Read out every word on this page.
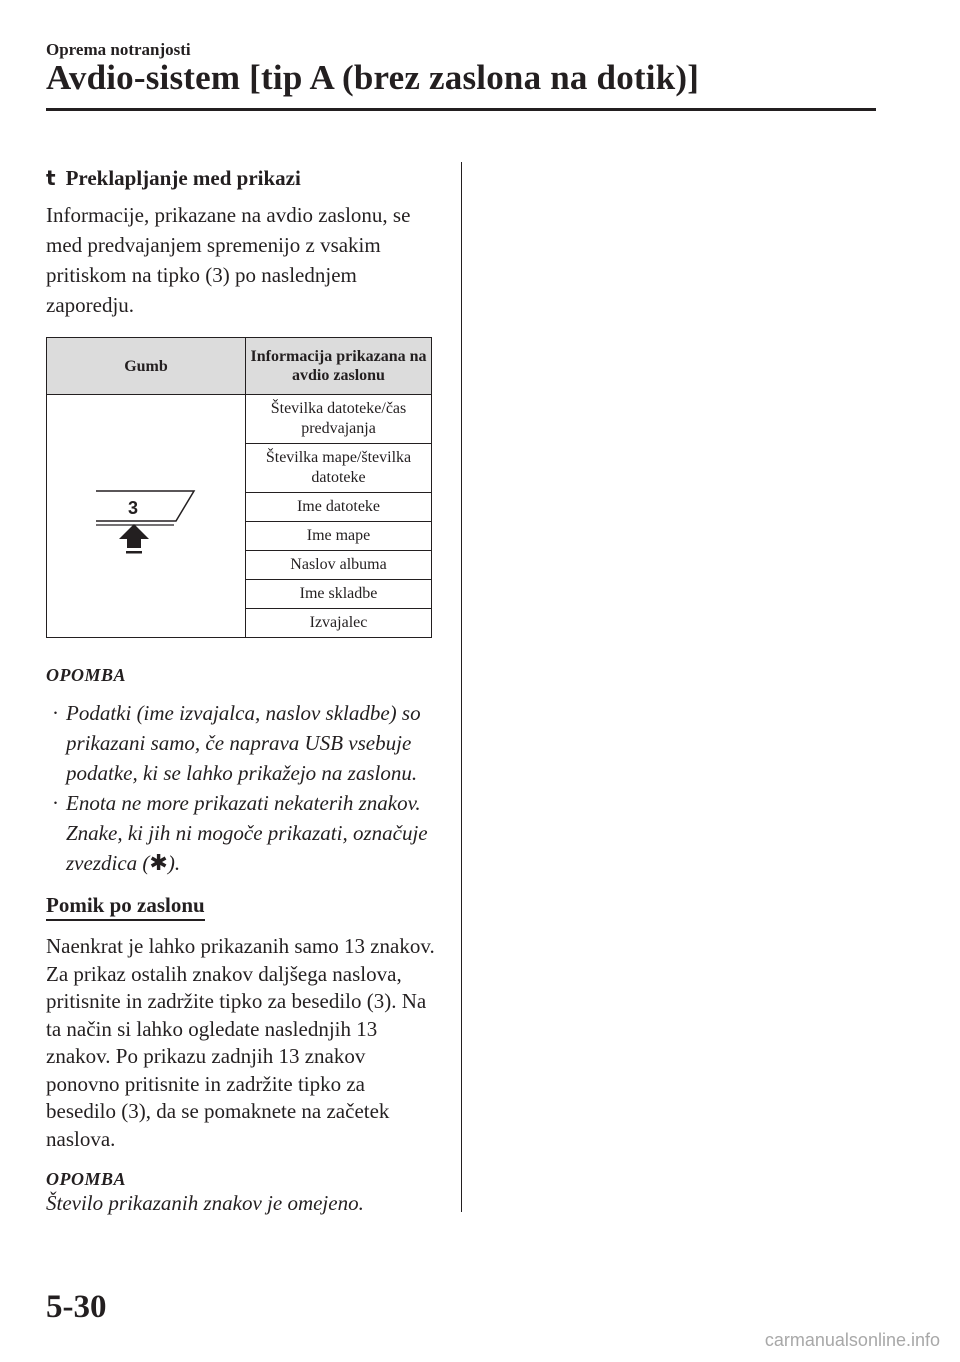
Oprema notranjosti
Avdio-sistem [tip A (brez zaslona na dotik)]
t Preklapljanje med prikazi

Informacije, prikazane na avdio zaslonu, se med predvajanjem spremenijo z vsakim pritiskom na tipko (3) po naslednjem zaporedju.

Gumb	Informacija prikazana na avdio zaslonu

3	Številka datoteke/čas predvajanja
	Številka mape/številka datoteke
	Ime datoteke
	Ime mape
	Naslov albuma
	Ime skladbe
	Izvajalec

OPOMBA

· Podatki (ime izvajalca, naslov skladbe) so prikazani samo, če naprava USB vsebuje podatke, ki se lahko prikažejo na zaslonu.
· Enota ne more prikazati nekaterih znakov. Znake, ki jih ni mogoče prikazati, označuje zvezdica (✱).
Pomik po zaslonu

Naenkrat je lahko prikazanih samo 13 znakov. Za prikaz ostalih znakov daljšega naslova, pritisnite in zadržite tipko za besedilo (3). Na ta način si lahko ogledate naslednjih 13 znakov. Po prikazu zadnjih 13 znakov ponovno pritisnite in zadržite tipko za besedilo (3), da se pomaknete na začetek naslova.

OPOMBA

Število prikazanih znakov je omejeno.

5-30
carmanualsonline.info
